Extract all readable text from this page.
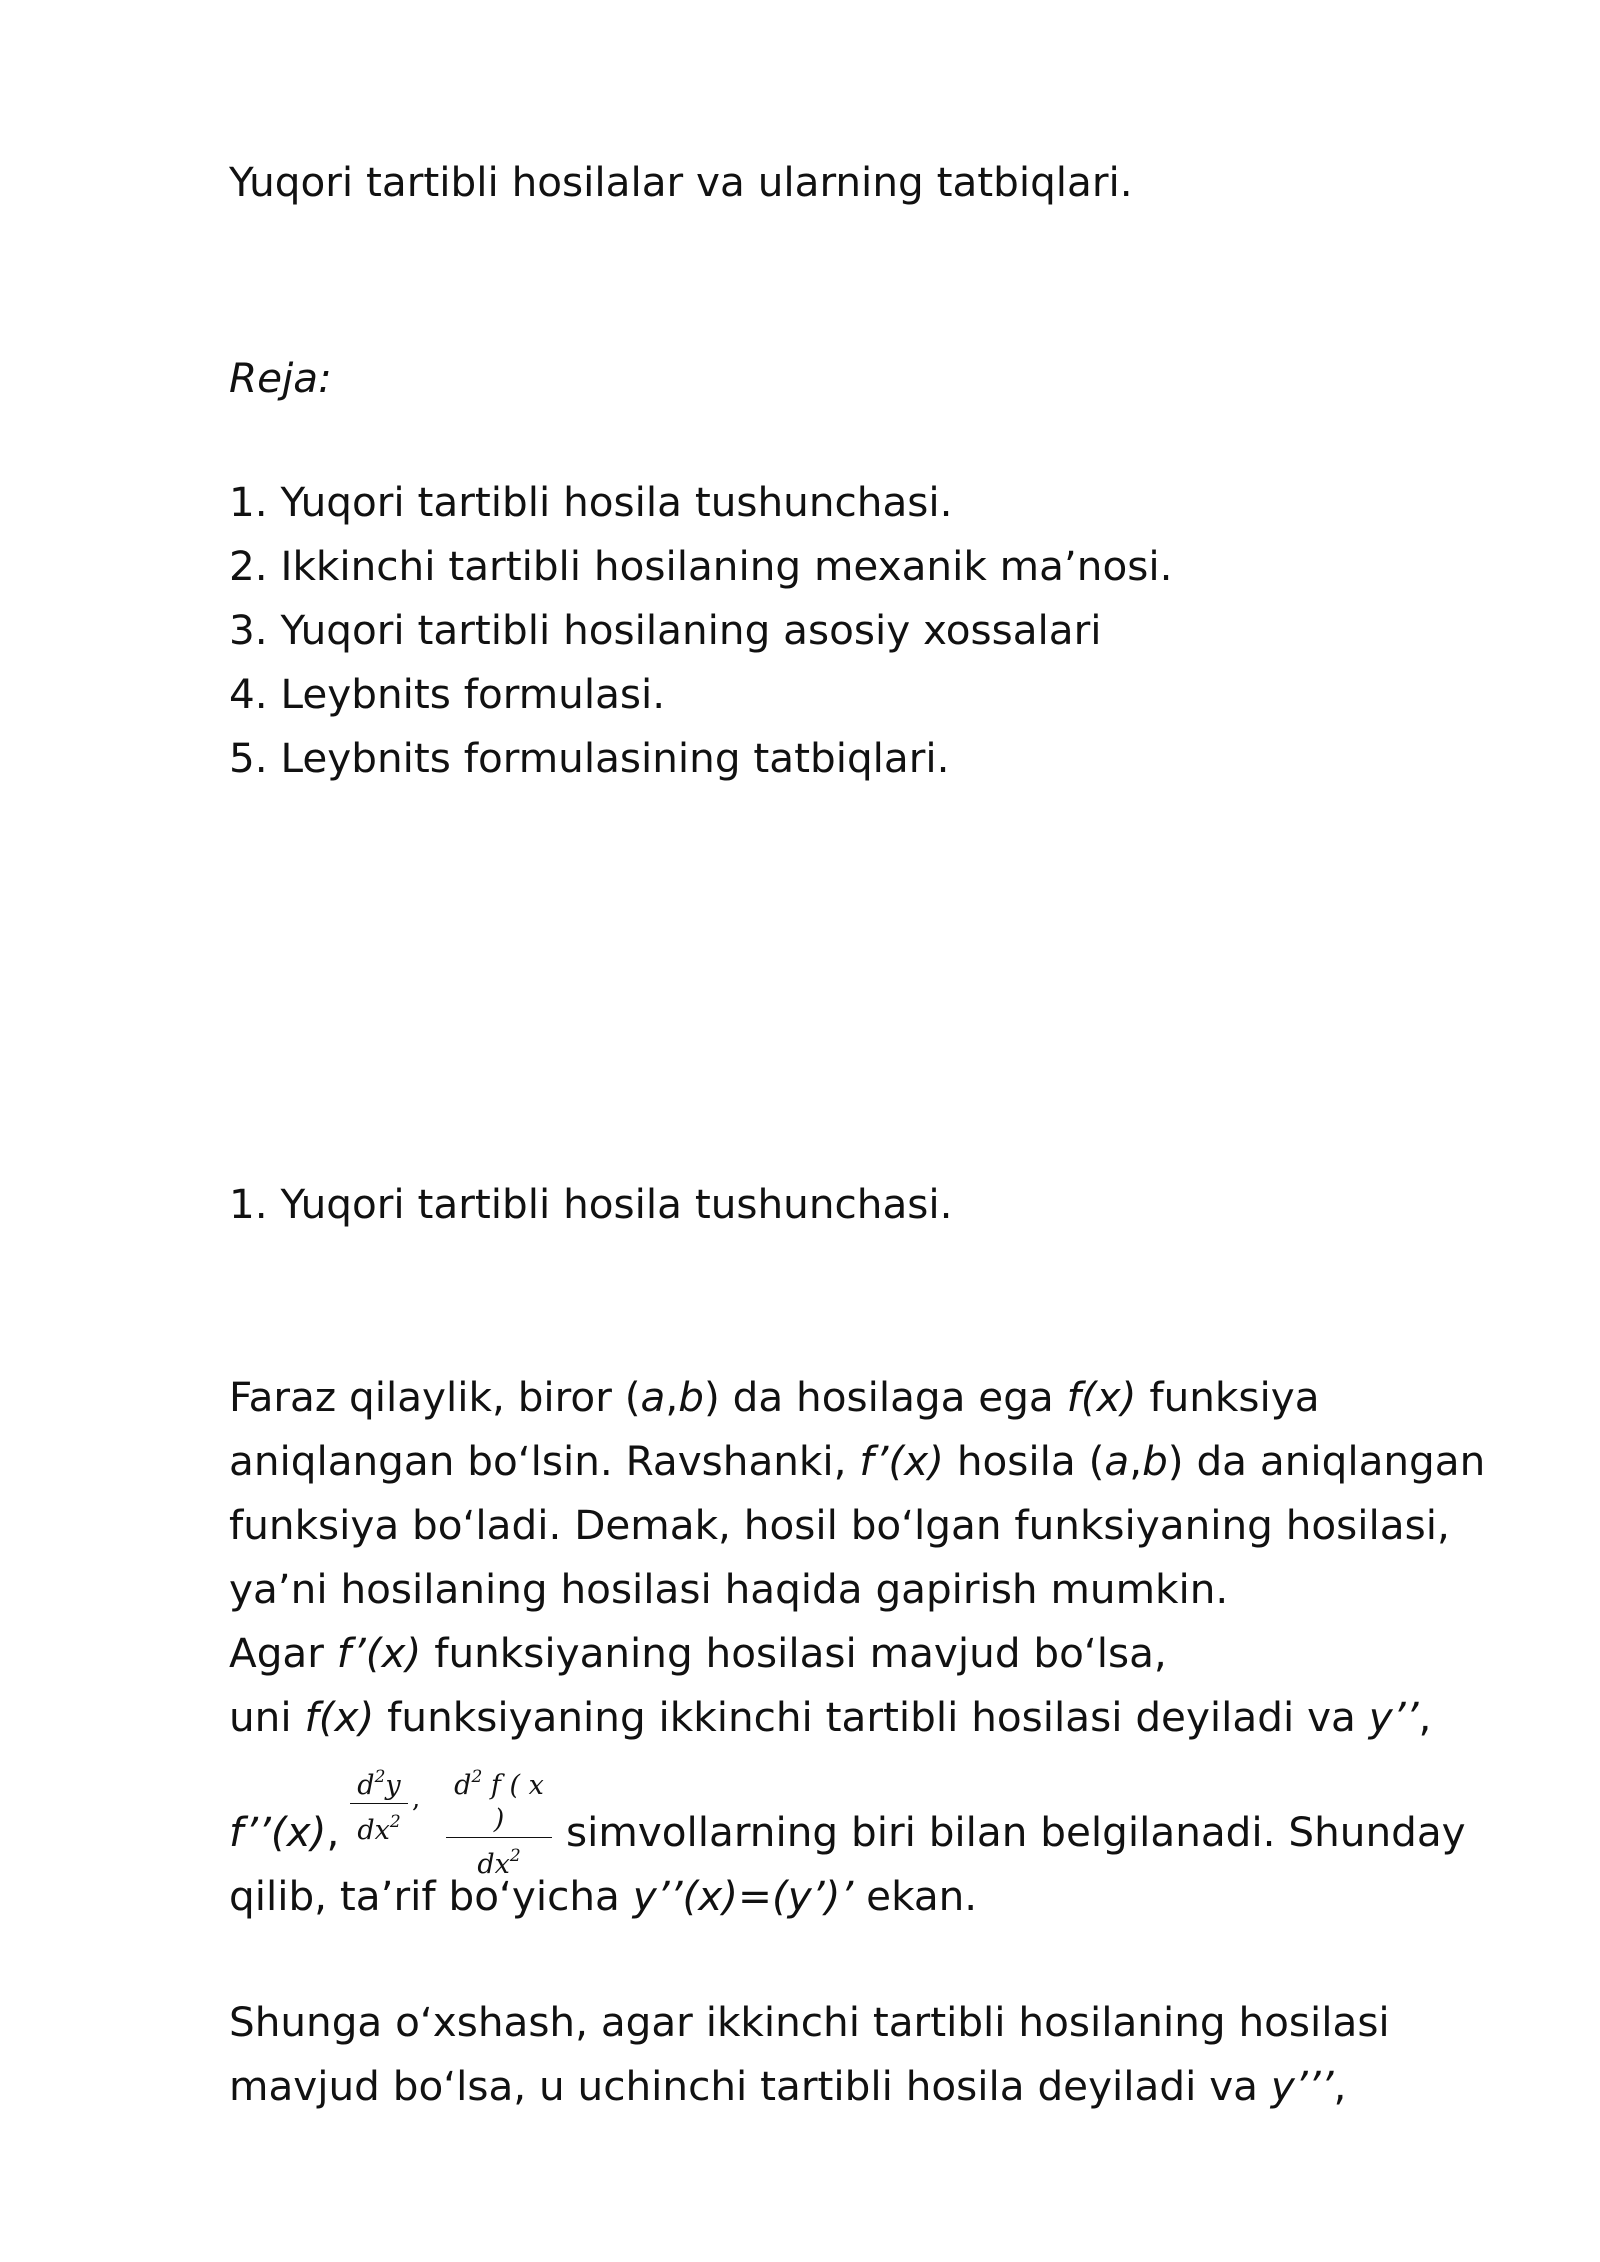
Yuqori tartibli hosilalar va ularning tatbiqlari.

Reja:

1. Yuqori tartibli hosila tushunchasi.
2. Ikkinchi tartibli hosilaning mexanik ma’nosi.
3. Yuqori tartibli hosilaning asosiy xossalari
4. Leybnits formulasi.
5. Leybnits formulasining tatbiqlari.

1. Yuqori tartibli hosila tushunchasi.

Faraz qilaylik, biror (a,b) da hosilaga ega f(x) funksiya
aniqlangan bo‘lsin. Ravshanki, f’(x) hosila (a,b) da aniqlangan
funksiya bo‘ladi. Demak, hosil bo‘lgan funksiyaning hosilasi,
ya’ni hosilaning hosilasi haqida gapirish mumkin.
Agar f’(x) funksiyaning hosilasi mavjud bo‘lsa,
uni f(x) funksiyaning ikkinchi tartibli hosilasi deyiladi va y’’,

f’’(x),

$d^2y$
$dx^2$
,	$d^2$ f ( x )
$dx^2$	simvollarning biri bilan belgilanadi. Shunday

qilib, ta’rif bo‘yicha y’’(x)=(y’)’ ekan.

Shunga o‘xshash, agar ikkinchi tartibli hosilaning hosilasi
mavjud bo‘lsa, u uchinchi tartibli hosila deyiladi va y’’’,
